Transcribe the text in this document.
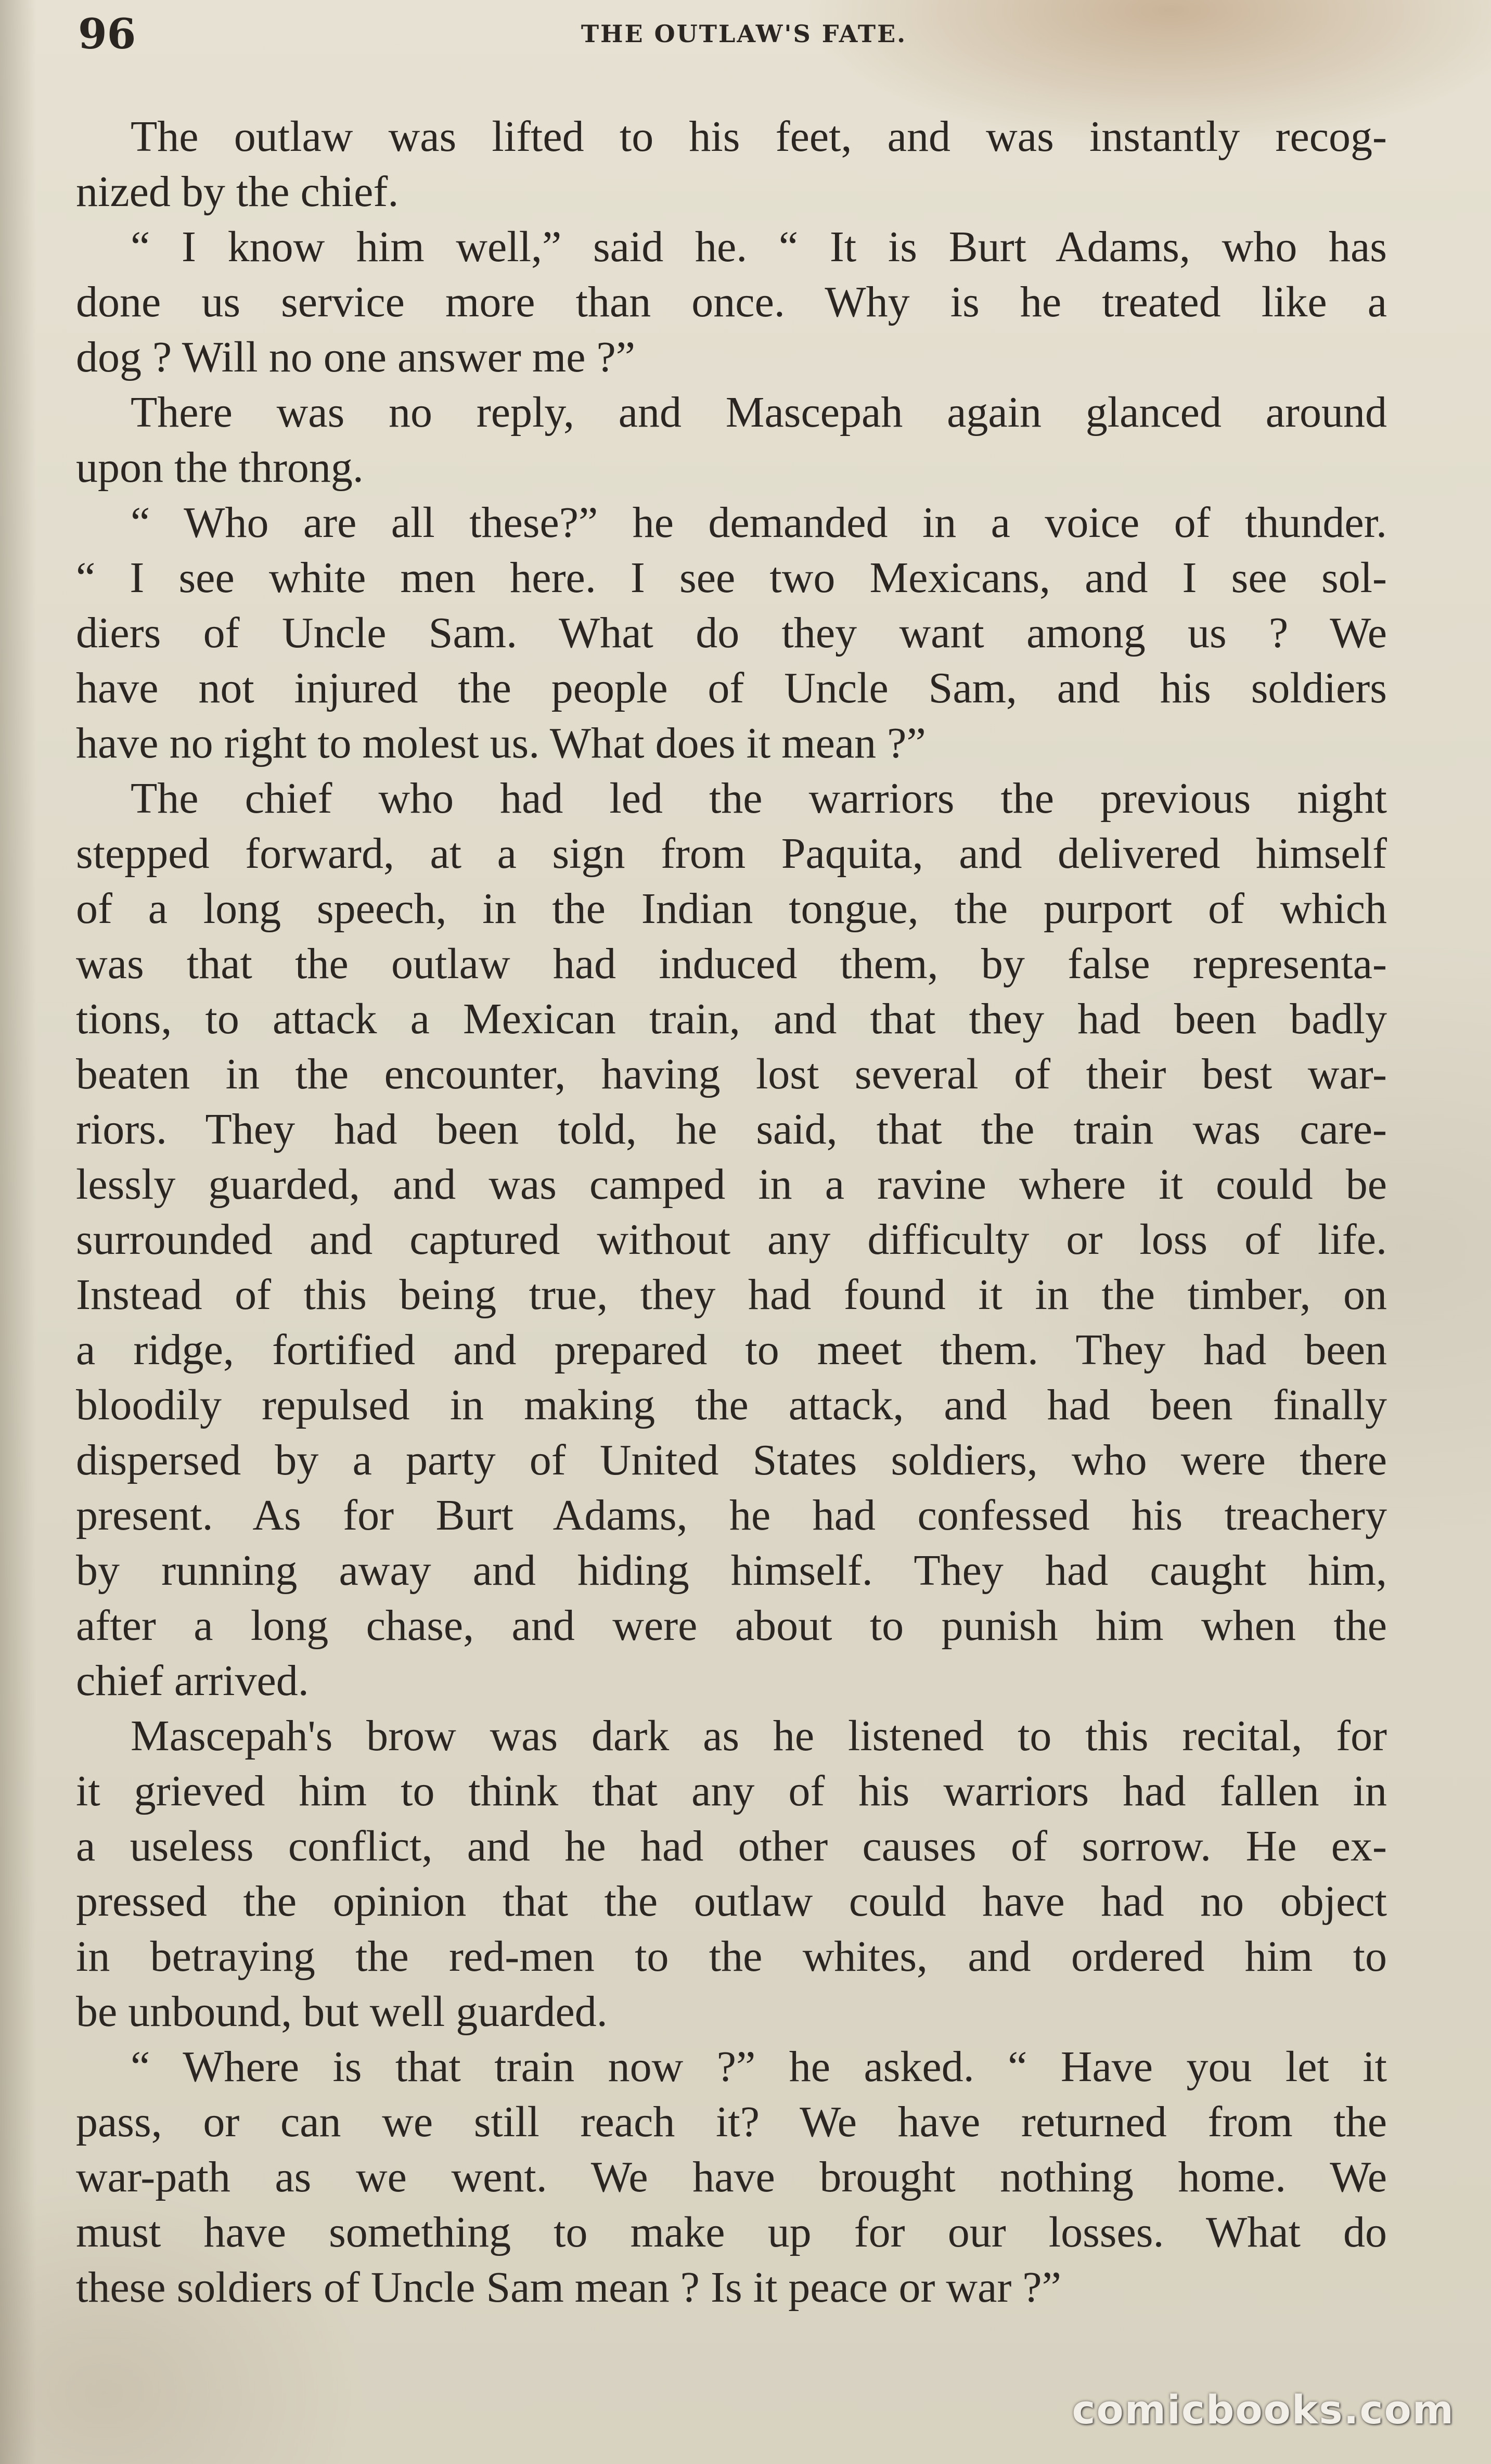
96	THE OUTLAW'S FATE.
The outlaw was lifted to his feet, and was instantly recog-
nized by the chief.
“ I know him well,” said he. “ It is Burt Adams, who has
done us service more than once. Why is he treated like a
dog ? Will no one answer me ?”
There was no reply, and Mascepah again glanced around
upon the throng.
“ Who are all these?” he demanded in a voice of thunder.
“ I see white men here. I see two Mexicans, and I see sol-
diers of Uncle Sam. What do they want among us ? We
have not injured the people of Uncle Sam, and his soldiers
have no right to molest us. What does it mean ?”
The chief who had led the warriors the previous night
stepped forward, at a sign from Paquita, and delivered himself
of a long speech, in the Indian tongue, the purport of which
was that the outlaw had induced them, by false representa-
tions, to attack a Mexican train, and that they had been badly
beaten in the encounter, having lost several of their best war-
riors. They had been told, he said, that the train was care-
lessly guarded, and was camped in a ravine where it could be
surrounded and captured without any difficulty or loss of life.
Instead of this being true, they had found it in the timber, on
a ridge, fortified and prepared to meet them. They had been
bloodily repulsed in making the attack, and had been finally
dispersed by a party of United States soldiers, who were there
present. As for Burt Adams, he had confessed his treachery
by running away and hiding himself. They had caught him,
after a long chase, and were about to punish him when the
chief arrived.
Mascepah's brow was dark as he listened to this recital, for
it grieved him to think that any of his warriors had fallen in
a useless conflict, and he had other causes of sorrow. He ex-
pressed the opinion that the outlaw could have had no object
in betraying the red-men to the whites, and ordered him to
be unbound, but well guarded.
“ Where is that train now ?” he asked. “ Have you let it
pass, or can we still reach it? We have returned from the
war-path as we went. We have brought nothing home. We
must have something to make up for our losses. What do
these soldiers of Uncle Sam mean ? Is it peace or war ?”
comicbooks.com
